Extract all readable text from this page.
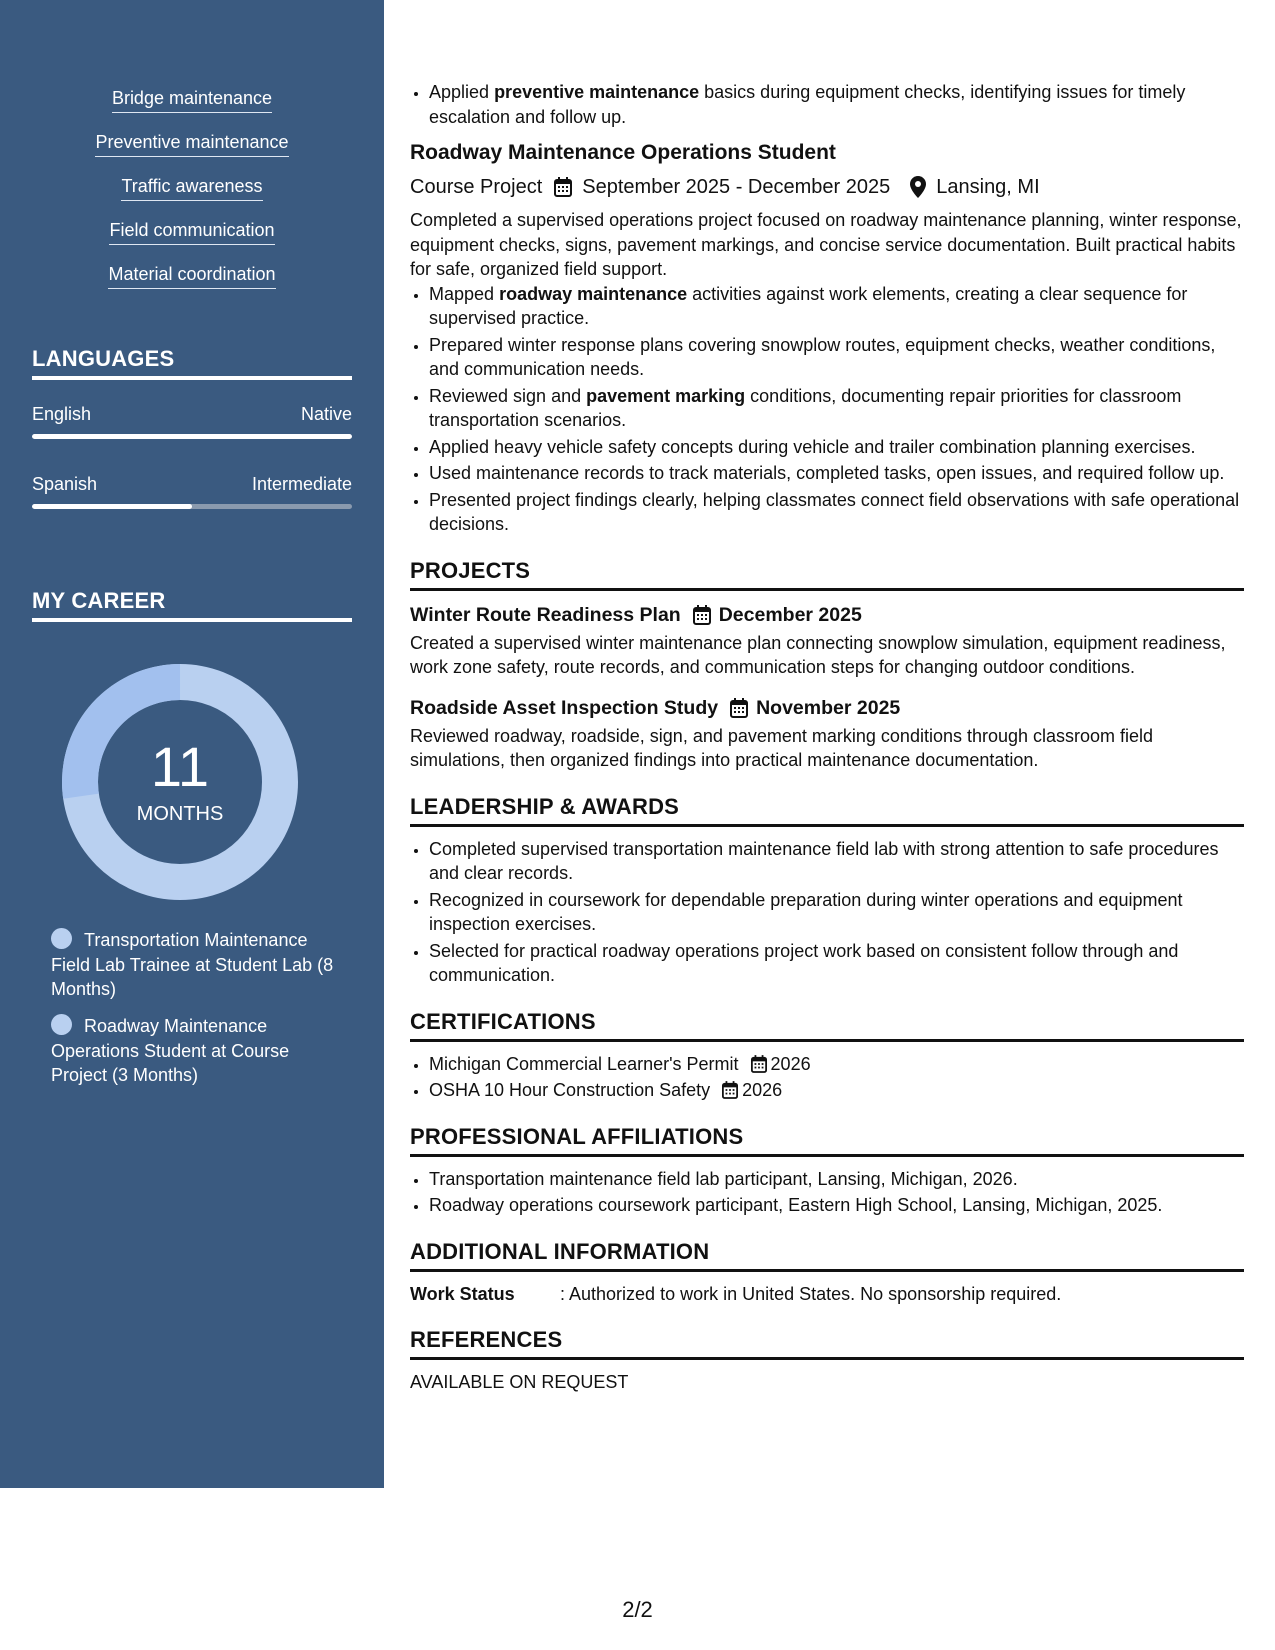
Bridge maintenance
Preventive maintenance
Traffic awareness
Field communication
Material coordination
LANGUAGES
English	Native
Spanish	Intermediate
MY CAREER
11
MONTHS
Transportation Maintenance Field Lab Trainee at Student Lab (8 Months)
Roadway Maintenance Operations Student at Course Project (3 Months)
• Applied preventive maintenance basics during equipment checks, identifying issues for timely escalation and follow up.
Roadway Maintenance Operations Student
Course Project September 2025 - December 2025 Lansing, MI
Completed a supervised operations project focused on roadway maintenance planning, winter response, equipment checks, signs, pavement markings, and concise service documentation. Built practical habits for safe, organized field support.
• Mapped roadway maintenance activities against work elements, creating a clear sequence for supervised practice.
• Prepared winter response plans covering snowplow routes, equipment checks, weather conditions, and communication needs.
• Reviewed sign and pavement marking conditions, documenting repair priorities for classroom transportation scenarios.
• Applied heavy vehicle safety concepts during vehicle and trailer combination planning exercises.
• Used maintenance records to track materials, completed tasks, open issues, and required follow up.
• Presented project findings clearly, helping classmates connect field observations with safe operational decisions.
PROJECTS
Winter Route Readiness Plan December 2025
Created a supervised winter maintenance plan connecting snowplow simulation, equipment readiness, work zone safety, route records, and communication steps for changing outdoor conditions.
Roadside Asset Inspection Study November 2025
Reviewed roadway, roadside, sign, and pavement marking conditions through classroom field simulations, then organized findings into practical maintenance documentation.
LEADERSHIP & AWARDS
• Completed supervised transportation maintenance field lab with strong attention to safe procedures and clear records.
• Recognized in coursework for dependable preparation during winter operations and equipment inspection exercises.
• Selected for practical roadway operations project work based on consistent follow through and communication.
CERTIFICATIONS
• Michigan Commercial Learner's Permit 2026
• OSHA 10 Hour Construction Safety 2026
PROFESSIONAL AFFILIATIONS
• Transportation maintenance field lab participant, Lansing, Michigan, 2026.
• Roadway operations coursework participant, Eastern High School, Lansing, Michigan, 2025.
ADDITIONAL INFORMATION
Work Status	: Authorized to work in United States. No sponsorship required.
REFERENCES
AVAILABLE ON REQUEST
2/2
